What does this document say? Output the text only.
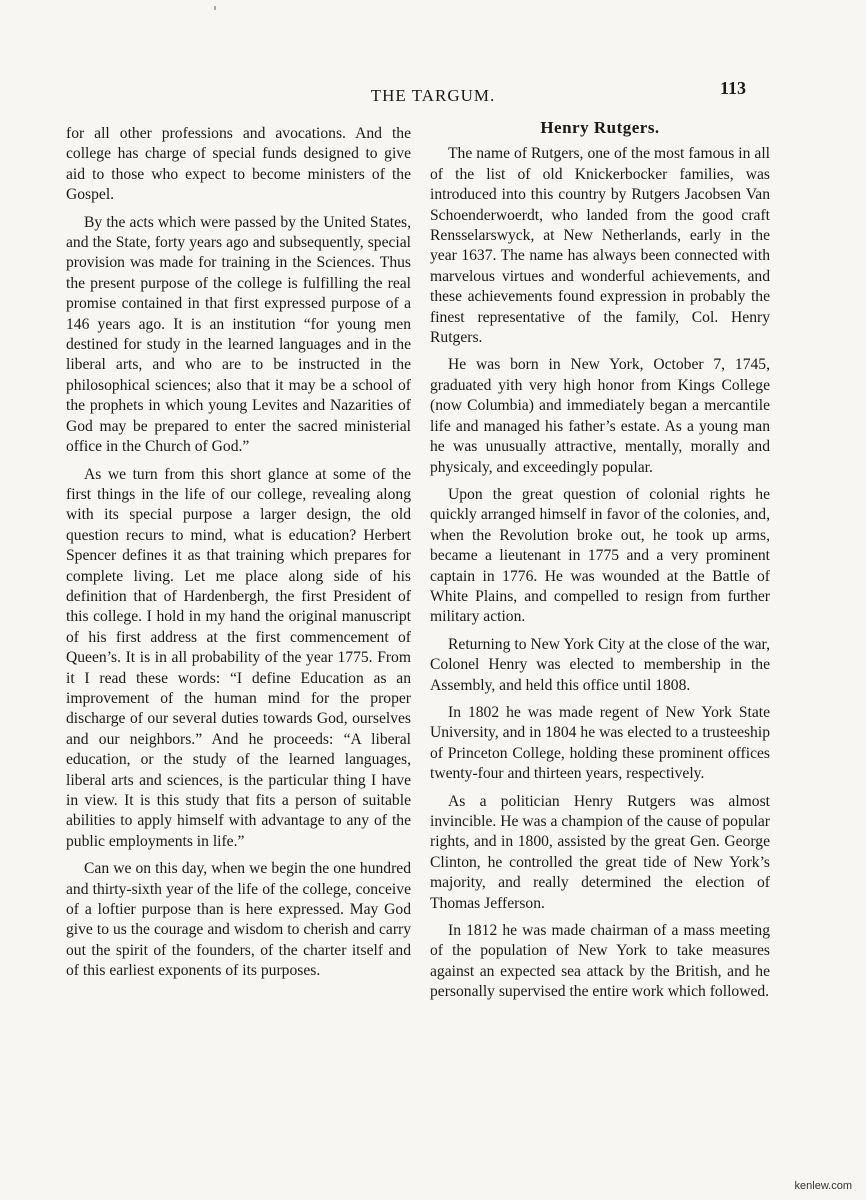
THE TARGUM.	113

for all other professions and avocations. And the college has charge of special funds designed to give aid to those who expect to become ministers of the Gospel.

By the acts which were passed by the United States, and the State, forty years ago and subsequently, special provision was made for training in the Sciences. Thus the present purpose of the college is fulfilling the real promise contained in that first expressed purpose of a 146 years ago. It is an institution “for young men destined for study in the learned languages and in the liberal arts, and who are to be instructed in the philosophical sciences; also that it may be a school of the prophets in which young Levites and Nazarities of God may be prepared to enter the sacred ministerial office in the Church of God.”

As we turn from this short glance at some of the first things in the life of our college, revealing along with its special purpose a larger design, the old question recurs to mind, what is education? Herbert Spencer defines it as that training which prepares for complete living. Let me place along side of his definition that of Hardenbergh, the first President of this college. I hold in my hand the original manuscript of his first address at the first commencement of Queen’s. It is in all probability of the year 1775. From it I read these words: “I define Education as an improvement of the human mind for the proper discharge of our several duties towards God, ourselves and our neighbors.” And he proceeds: “A liberal education, or the study of the learned languages, liberal arts and sciences, is the particular thing I have in view. It is this study that fits a person of suitable abilities to apply himself with advantage to any of the public employments in life.”

Can we on this day, when we begin the one hundred and thirty-sixth year of the life of the college, conceive of a loftier purpose than is here expressed. May God give to us the courage and wisdom to cherish and carry out the spirit of the founders, of the charter itself and of this earliest exponents of its purposes.

Henry Rutgers.

The name of Rutgers, one of the most famous in all of the list of old Knickerbocker families, was introduced into this country by Rutgers Jacobsen Van Schoenderwoerdt, who landed from the good craft Rensselarswyck, at New Netherlands, early in the year 1637. The name has always been connected with marvelous virtues and wonderful achievements, and these achievements found expression in probably the finest representative of the family, Col. Henry Rutgers.

He was born in New York, October 7, 1745, graduated yith very high honor from Kings College (now Columbia) and immediately began a mercantile life and managed his father’s estate. As a young man he was unusually attractive, mentally, morally and physicaly, and exceedingly popular.

Upon the great question of colonial rights he quickly arranged himself in favor of the colonies, and, when the Revolution broke out, he took up arms, became a lieutenant in 1775 and a very prominent captain in 1776. He was wounded at the Battle of White Plains, and compelled to resign from further military action.

Returning to New York City at the close of the war, Colonel Henry was elected to membership in the Assembly, and held this office until 1808.

In 1802 he was made regent of New York State University, and in 1804 he was elected to a trusteeship of Princeton College, holding these prominent offices twenty-four and thirteen years, respectively.

As a politician Henry Rutgers was almost invincible. He was a champion of the cause of popular rights, and in 1800, assisted by the great Gen. George Clinton, he controlled the great tide of New York’s majority, and really determined the election of Thomas Jefferson.

In 1812 he was made chairman of a mass meeting of the population of New York to take measures against an expected sea attack by the British, and he personally supervised the entire work which followed.

kenlew.com
